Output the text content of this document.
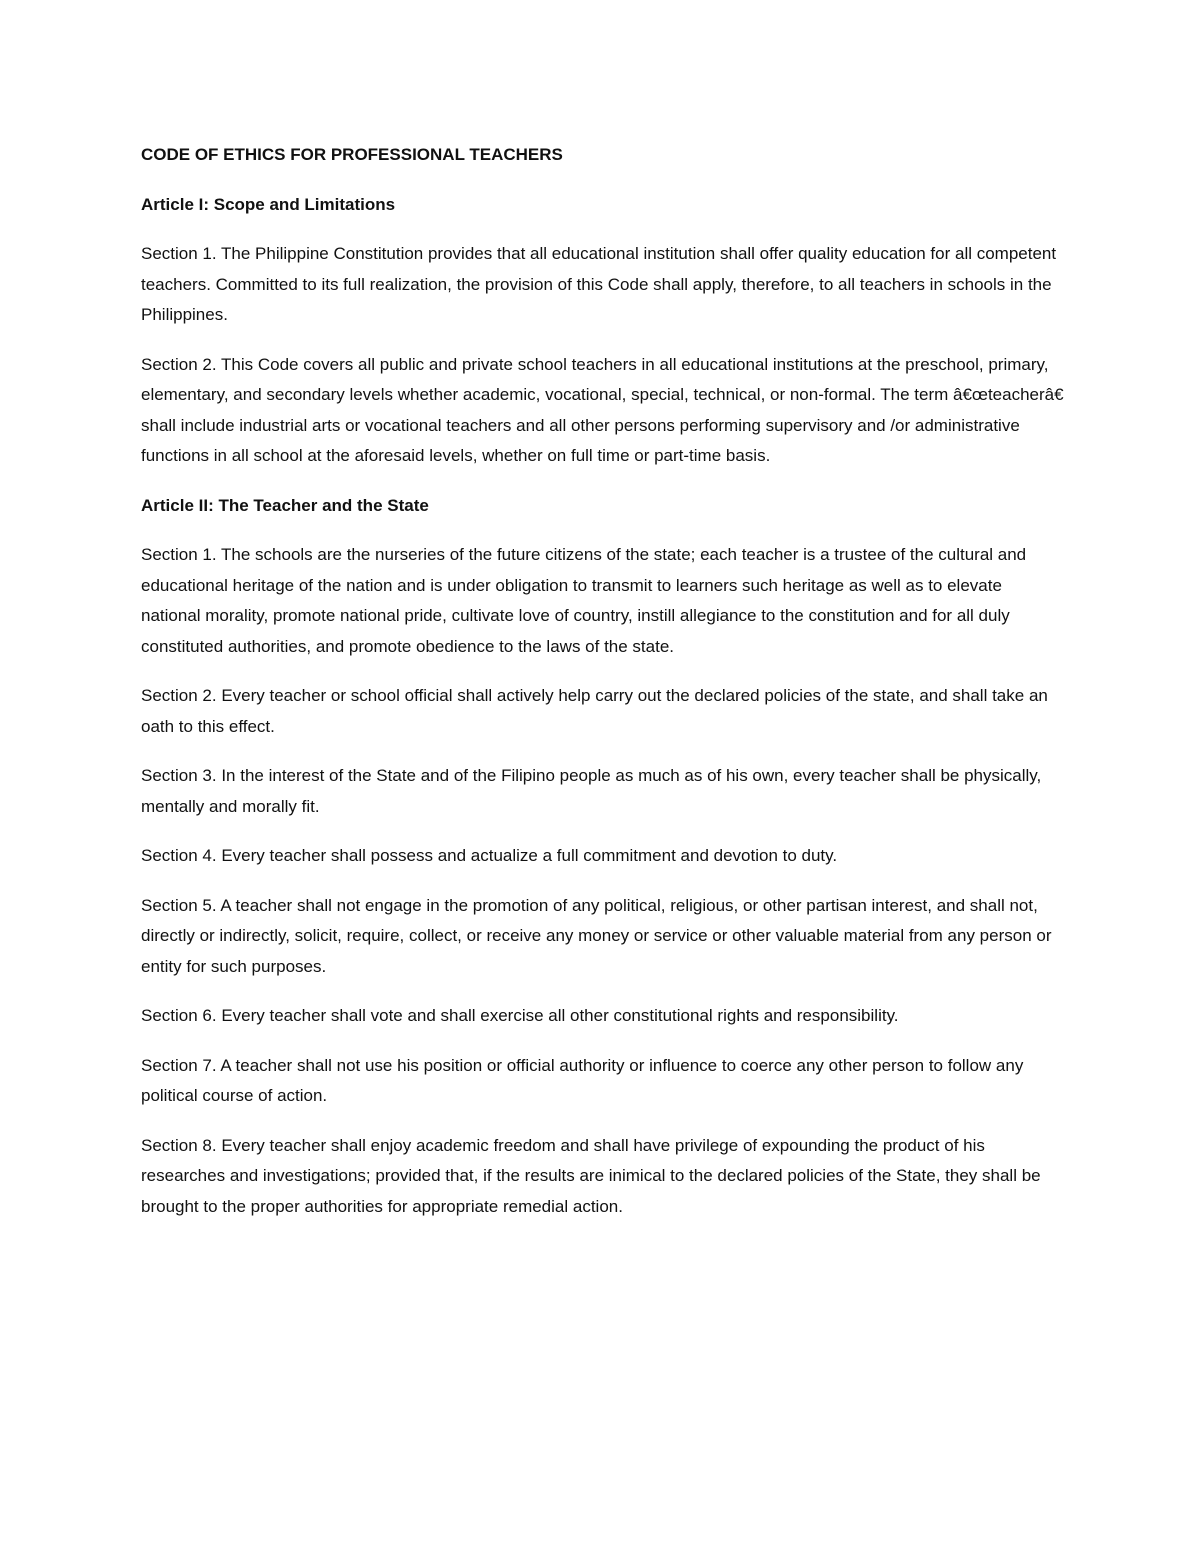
CODE OF ETHICS FOR PROFESSIONAL TEACHERS

Article I: Scope and Limitations

Section 1. The Philippine Constitution provides that all educational institution shall offer quality education for all competent teachers. Committed to its full realization, the provision of this Code shall apply, therefore, to all teachers in schools in the Philippines.

Section 2. This Code covers all public and private school teachers in all educational institutions at the preschool, primary, elementary, and secondary levels whether academic, vocational, special, technical, or non-formal. The term â€œteacherâ€ shall include industrial arts or vocational teachers and all other persons performing supervisory and /or administrative functions in all school at the aforesaid levels, whether on full time or part-time basis.

Article II: The Teacher and the State

Section 1. The schools are the nurseries of the future citizens of the state; each teacher is a trustee of the cultural and educational heritage of the nation and is under obligation to transmit to learners such heritage as well as to elevate national morality, promote national pride, cultivate love of country, instill allegiance to the constitution and for all duly constituted authorities, and promote obedience to the laws of the state.

Section 2. Every teacher or school official shall actively help carry out the declared policies of the state, and shall take an oath to this effect.

Section 3. In the interest of the State and of the Filipino people as much as of his own, every teacher shall be physically, mentally and morally fit.

Section 4. Every teacher shall possess and actualize a full commitment and devotion to duty.

Section 5. A teacher shall not engage in the promotion of any political, religious, or other partisan interest, and shall not, directly or indirectly, solicit, require, collect, or receive any money or service or other valuable material from any person or entity for such purposes.

Section 6. Every teacher shall vote and shall exercise all other constitutional rights and responsibility.

Section 7. A teacher shall not use his position or official authority or influence to coerce any other person to follow any political course of action.

Section 8. Every teacher shall enjoy academic freedom and shall have privilege of expounding the product of his researches and investigations; provided that, if the results are inimical to the declared policies of the State, they shall be brought to the proper authorities for appropriate remedial action.
